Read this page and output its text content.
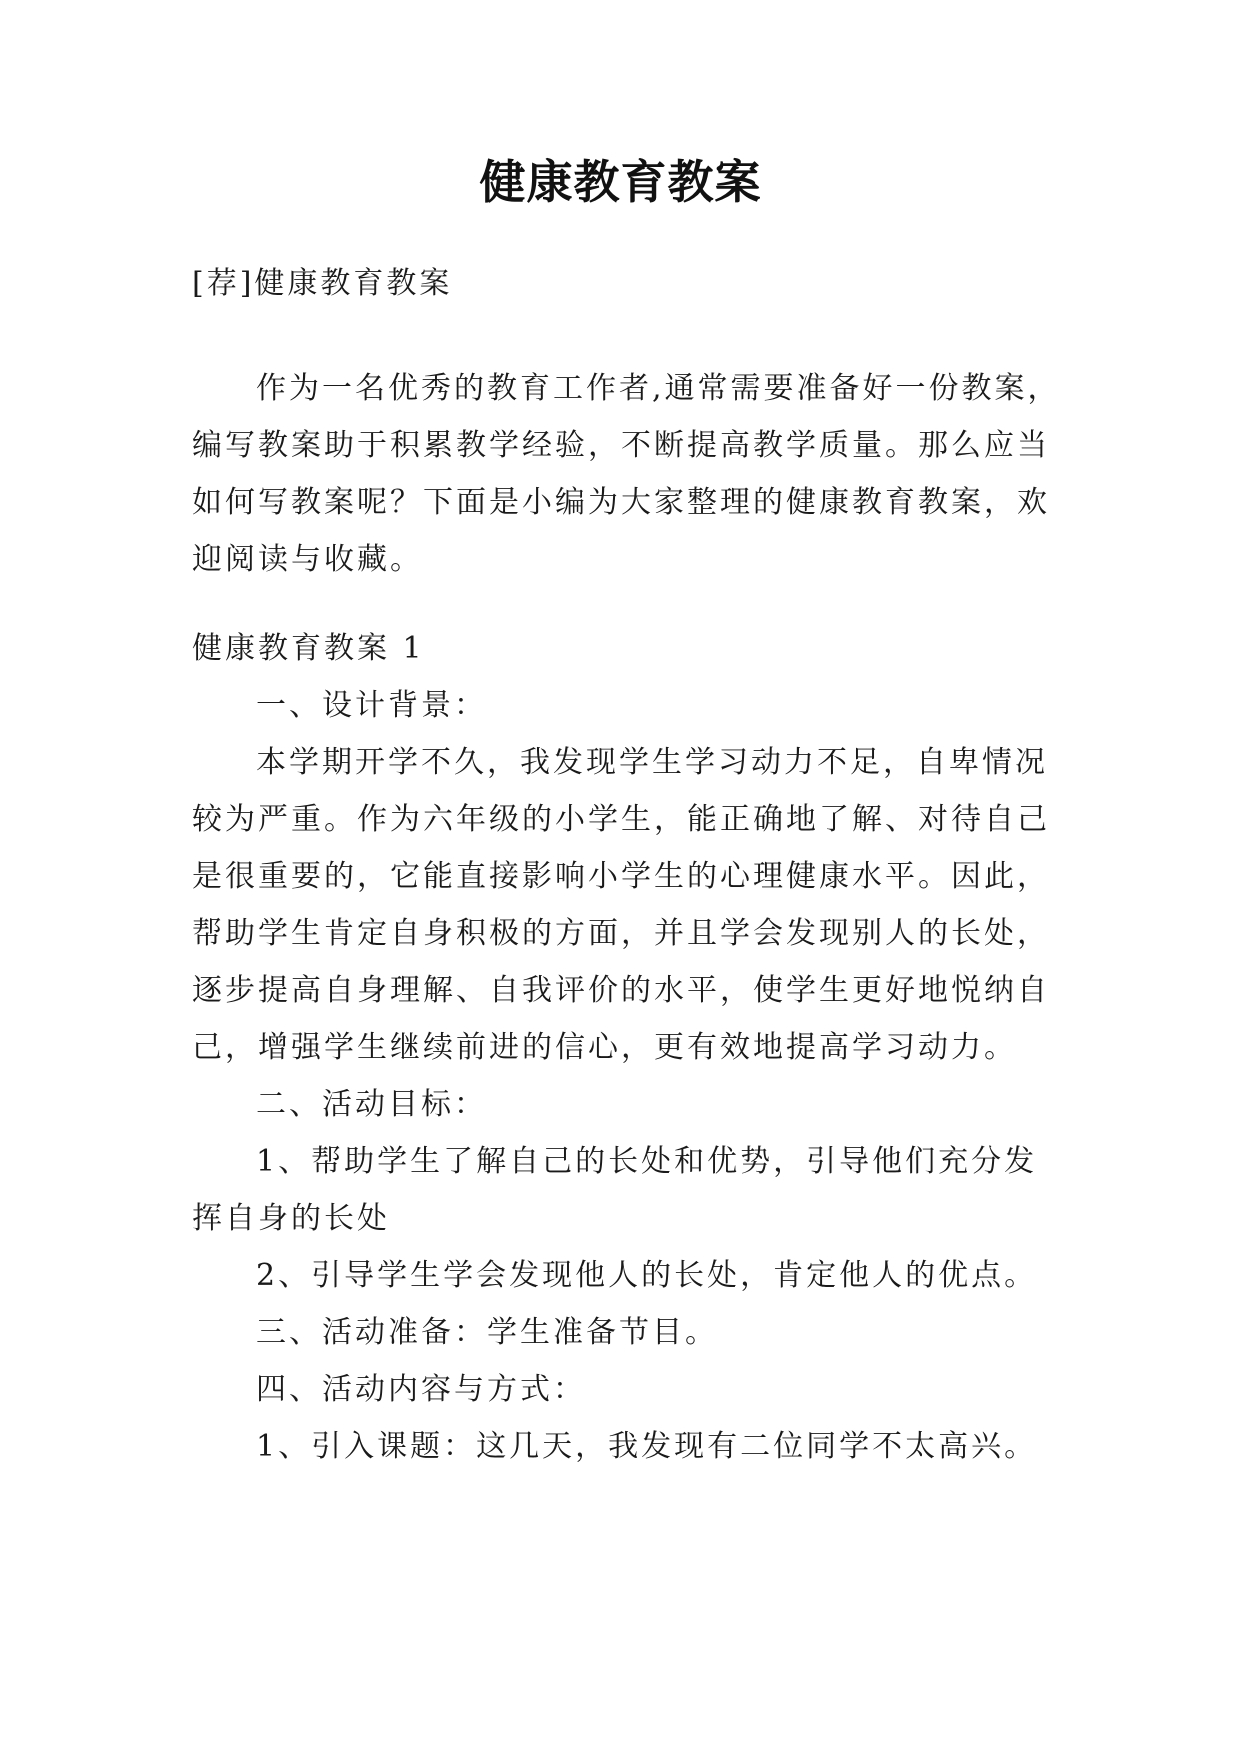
健康教育教案
[荐]健康教育教案
作为一名优秀的教育工作者,通常需要准备好一份教案，
编写教案助于积累教学经验，不断提高教学质量。那么应当
如何写教案呢？下面是小编为大家整理的健康教育教案，欢
迎阅读与收藏。
健康教育教案 1
一、设计背景：
本学期开学不久，我发现学生学习动力不足，自卑情况
较为严重。作为六年级的小学生，能正确地了解、对待自己
是很重要的，它能直接影响小学生的心理健康水平。因此，
帮助学生肯定自身积极的方面，并且学会发现别人的长处，
逐步提高自身理解、自我评价的水平，使学生更好地悦纳自
己，增强学生继续前进的信心，更有效地提高学习动力。
二、活动目标：
1、帮助学生了解自己的长处和优势，引导他们充分发
挥自身的长处
2、引导学生学会发现他人的长处，肯定他人的优点。
三、活动准备：学生准备节目。
四、活动内容与方式：
1、引入课题：这几天，我发现有二位同学不太高兴。
